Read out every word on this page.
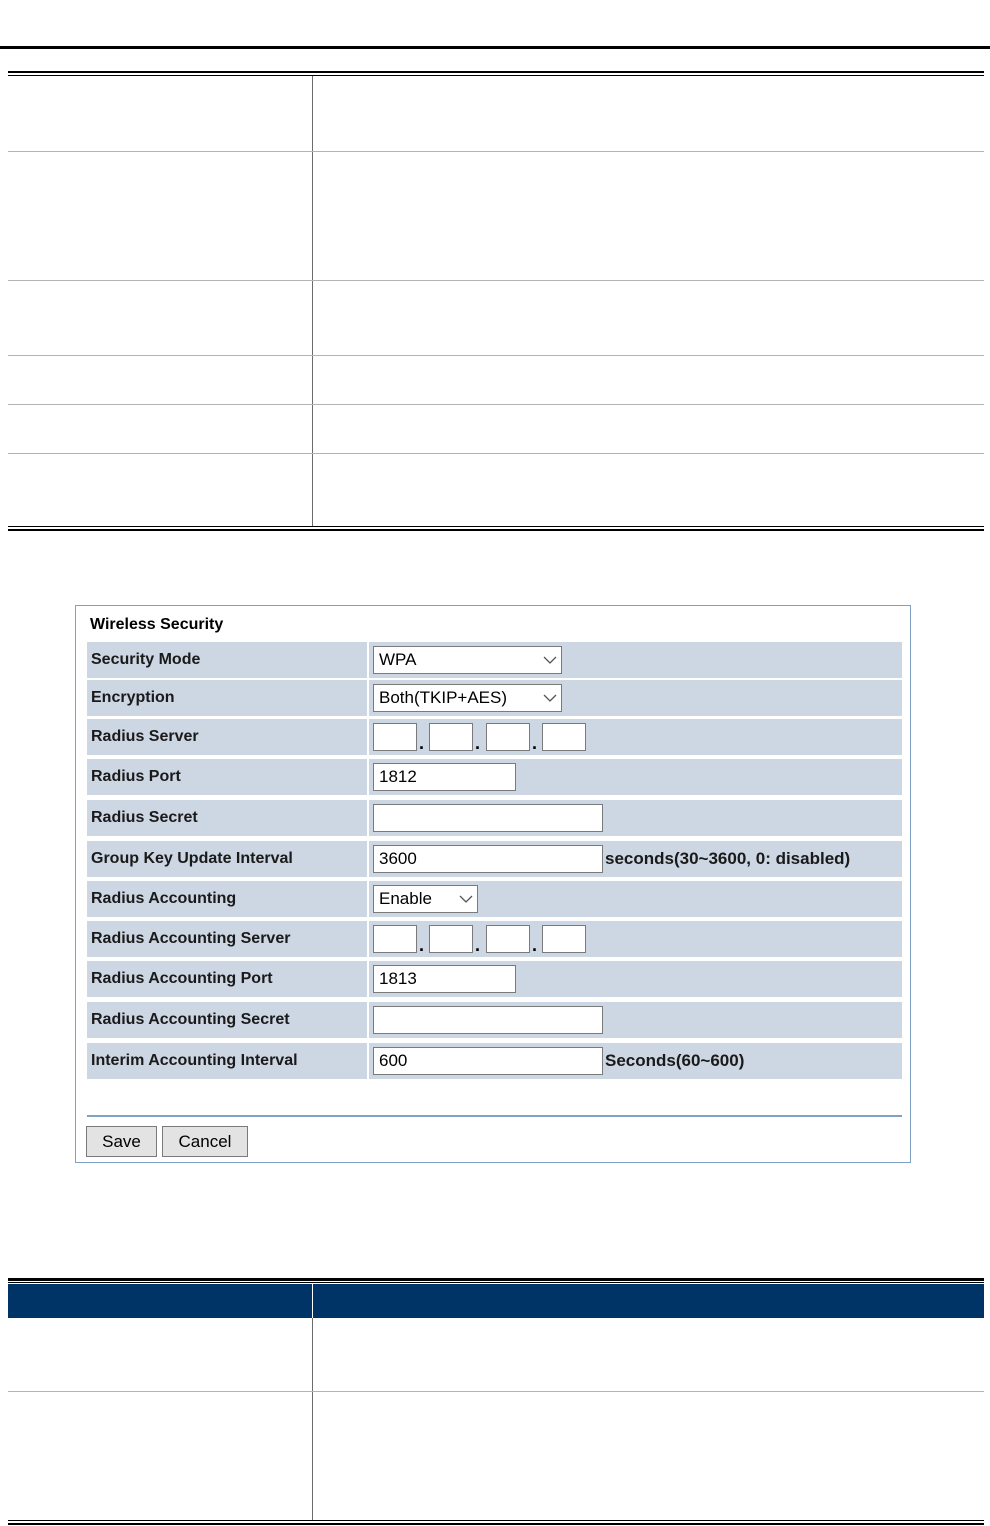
Wireless Security
Security Mode	WPA
Encryption	Both(TKIP+AES)
Radius Server	.	.	.
Radius Port	1812
Radius Secret
Group Key Update Interval	3600	seconds(30~3600, 0: disabled)
Radius Accounting	Enable
Radius Accounting Server	.	.	.
Radius Accounting Port	1813
Radius Accounting Secret
Interim Accounting Interval	600	Seconds(60~600)
Save	Cancel
